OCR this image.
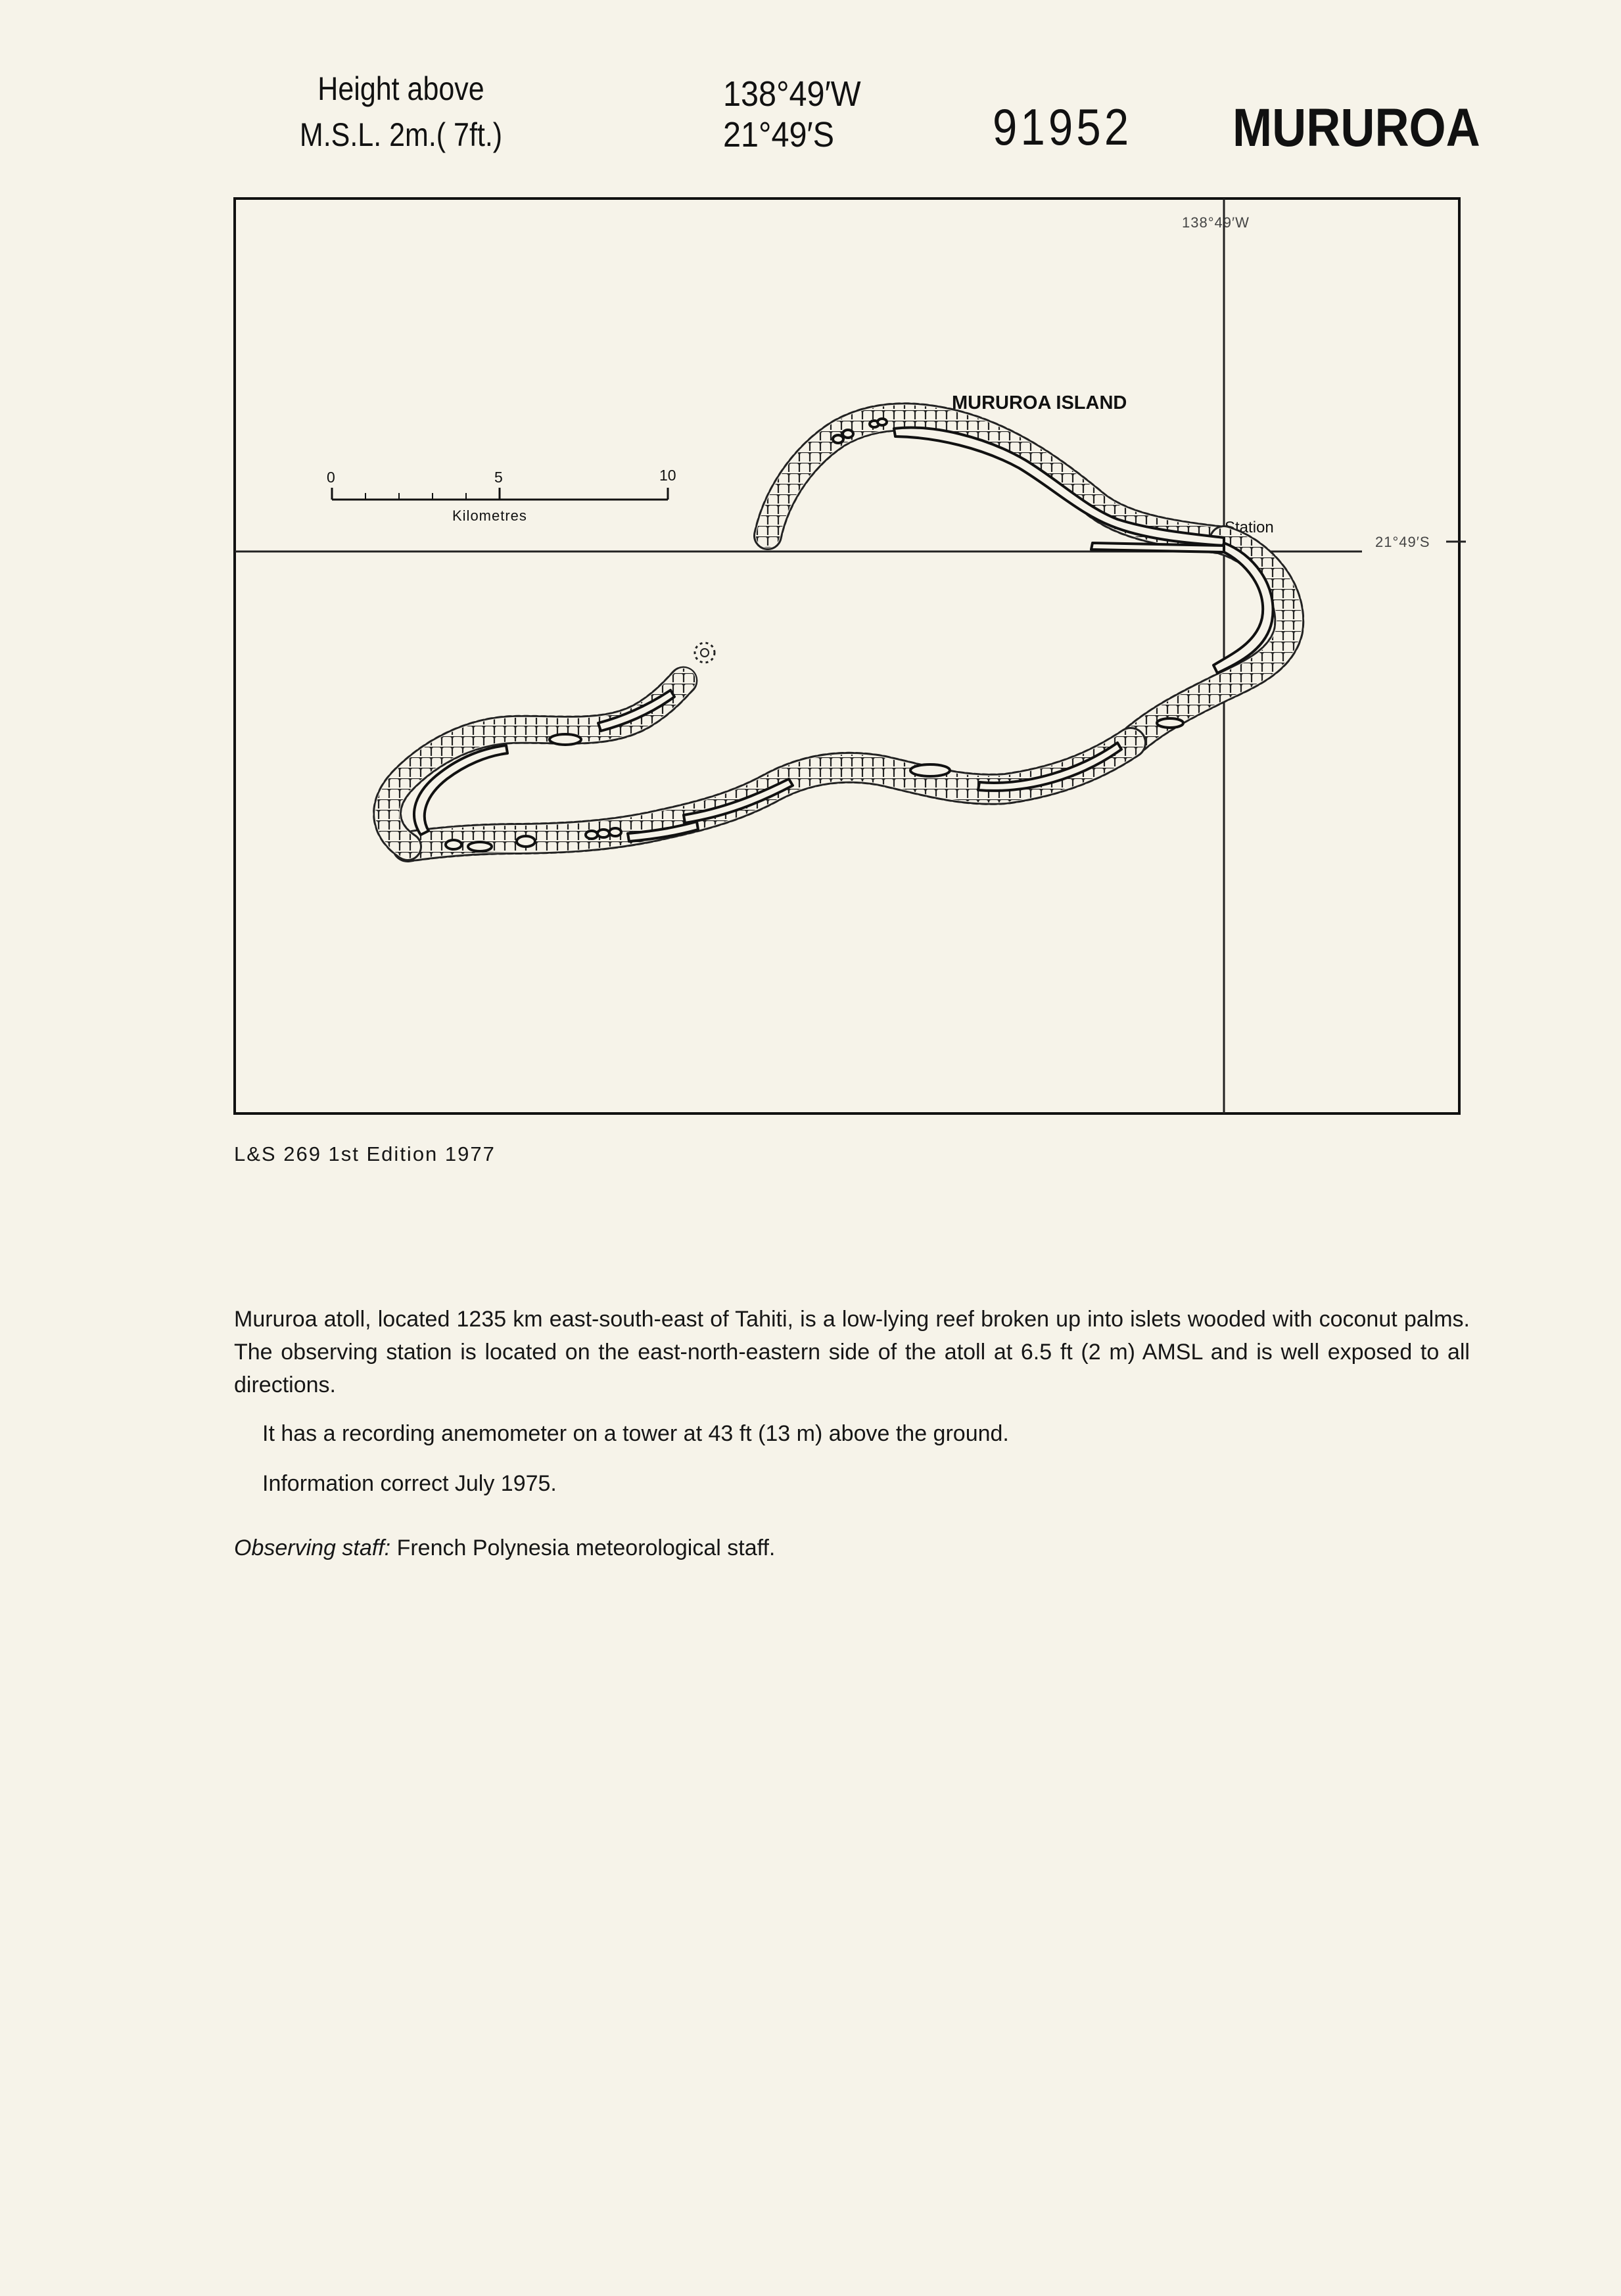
Height above
M.S.L. 2m.( 7ft.)
138°49′W
21°49′S	91952 MURUROA
138°49′W
21°49′S
MURUROA ISLAND
Station
0	5	10
Kilometres
L&S 269 1st Edition 1977

Mururoa atoll, located 1235 km east-south-east of Tahiti, is a low-lying reef broken up into islets wooded with coconut palms. The observing station is located on the east-north-eastern side of the atoll at 6.5 ft (2 m) AMSL and is well exposed to all directions.

It has a recording anemometer on a tower at 43 ft (13 m) above the ground.

Information correct July 1975.

Observing staff: French Polynesia meteorological staff.
